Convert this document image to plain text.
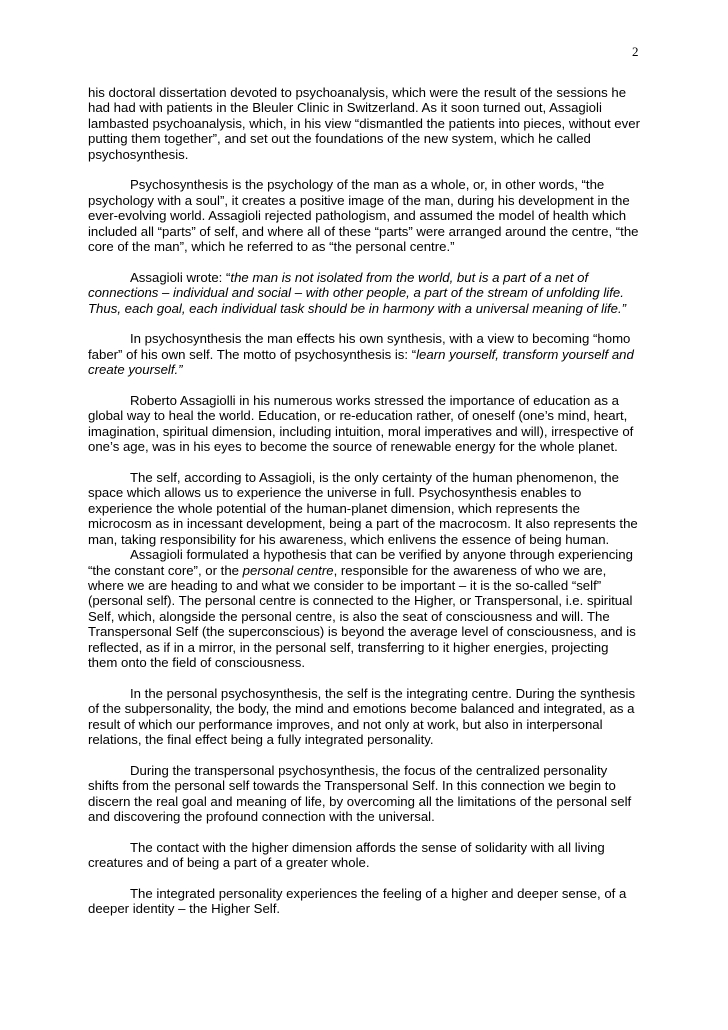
2

his doctoral dissertation devoted to psychoanalysis, which were the result of the sessions he had had with patients in the Bleuler Clinic in Switzerland. As it soon turned out, Assagioli lambasted psychoanalysis, which, in his view “dismantled the patients into pieces, without ever putting them together”, and set out the foundations of the new system, which he called psychosynthesis.

Psychosynthesis is the psychology of the man as a whole, or, in other words, “the psychology with a soul”, it creates a positive image of the man, during his development in the ever-evolving world. Assagioli rejected pathologism, and assumed the model of health which included all “parts” of self, and where all of these “parts” were arranged around the centre, “the core of the man”, which he referred to as “the personal centre.”

Assagioli wrote: “the man is not isolated from the world, but is a part of a net of connections – individual and social – with other people, a part of the stream of unfolding life. Thus, each goal, each individual task should be in harmony with a universal meaning of life.”

In psychosynthesis the man effects his own synthesis, with a view to becoming “homo faber” of his own self. The motto of psychosynthesis is: “learn yourself, transform yourself and create yourself.”

Roberto Assagiolli in his numerous works stressed the importance of education as a global way to heal the world. Education, or re-education rather, of oneself (one’s mind, heart, imagination, spiritual dimension, including intuition, moral imperatives and will), irrespective of one’s age, was in his eyes to become the source of renewable energy for the whole planet.

The self, according to Assagioli, is the only certainty of the human phenomenon, the space which allows us to experience the universe in full. Psychosynthesis enables to experience the whole potential of the human-planet dimension, which represents the microcosm as in incessant development, being a part of the macrocosm. It also represents the man, taking responsibility for his awareness, which enlivens the essence of being human.

Assagioli formulated a hypothesis that can be verified by anyone through experiencing “the constant core”, or the personal centre, responsible for the awareness of who we are, where we are heading to and what we consider to be important – it is the so-called “self” (personal self). The personal centre is connected to the Higher, or Transpersonal, i.e. spiritual Self, which, alongside the personal centre, is also the seat of consciousness and will. The Transpersonal Self (the superconscious) is beyond the average level of consciousness, and is reflected, as if in a mirror, in the personal self, transferring to it higher energies, projecting them onto the field of consciousness.

In the personal psychosynthesis, the self is the integrating centre. During the synthesis of the subpersonality, the body, the mind and emotions become balanced and integrated, as a result of which our performance improves, and not only at work, but also in interpersonal relations, the final effect being a fully integrated personality.

During the transpersonal psychosynthesis, the focus of the centralized personality shifts from the personal self towards the Transpersonal Self. In this connection we begin to discern the real goal and meaning of life, by overcoming all the limitations of the personal self and discovering the profound connection with the universal.

The contact with the higher dimension affords the sense of solidarity with all living creatures and of being a part of a greater whole.

The integrated personality experiences the feeling of a higher and deeper sense, of a deeper identity – the Higher Self.
